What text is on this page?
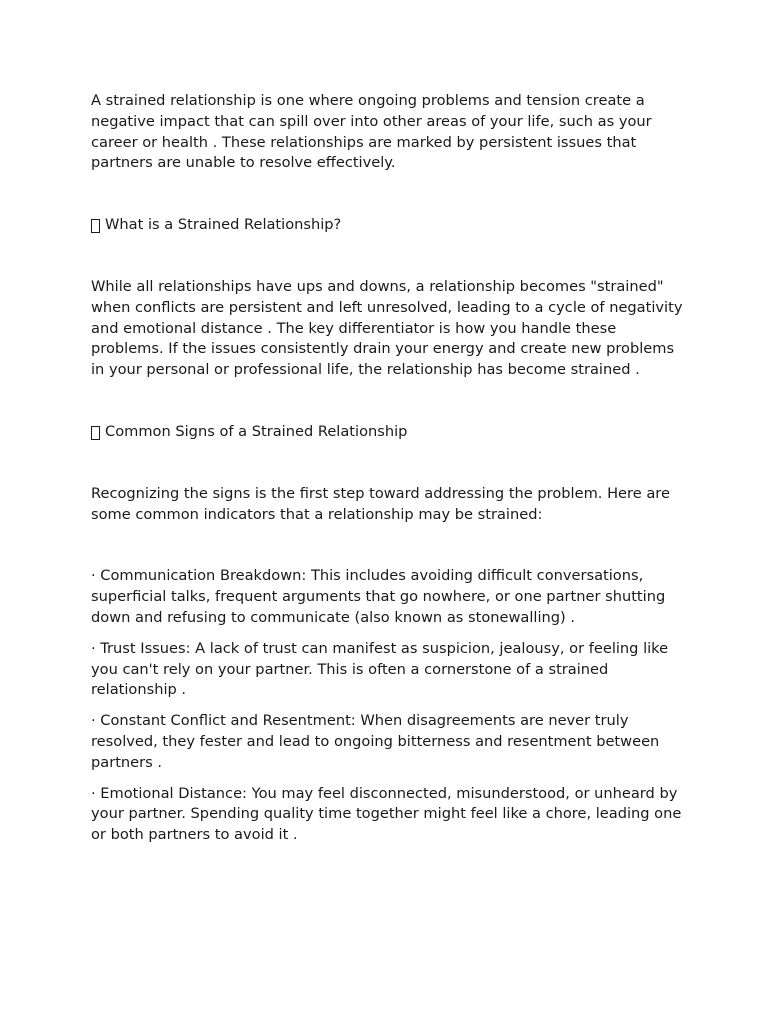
A strained relationship is one where ongoing problems and tension create a negative impact that can spill over into other areas of your life, such as your career or health . These relationships are marked by persistent issues that partners are unable to resolve effectively.

What is a Strained Relationship?

While all relationships have ups and downs, a relationship becomes "strained" when conflicts are persistent and left unresolved, leading to a cycle of negativity and emotional distance . The key differentiator is how you handle these problems. If the issues consistently drain your energy and create new problems in your personal or professional life, the relationship has become strained .

Common Signs of a Strained Relationship

Recognizing the signs is the first step toward addressing the problem. Here are some common indicators that a relationship may be strained:

· Communication Breakdown: This includes avoiding difficult conversations, superficial talks, frequent arguments that go nowhere, or one partner shutting down and refusing to communicate (also known as stonewalling) .

· Trust Issues: A lack of trust can manifest as suspicion, jealousy, or feeling like you can't rely on your partner. This is often a cornerstone of a strained relationship .

· Constant Conflict and Resentment: When disagreements are never truly resolved, they fester and lead to ongoing bitterness and resentment between partners .

· Emotional Distance: You may feel disconnected, misunderstood, or unheard by your partner. Spending quality time together might feel like a chore, leading one or both partners to avoid it .
